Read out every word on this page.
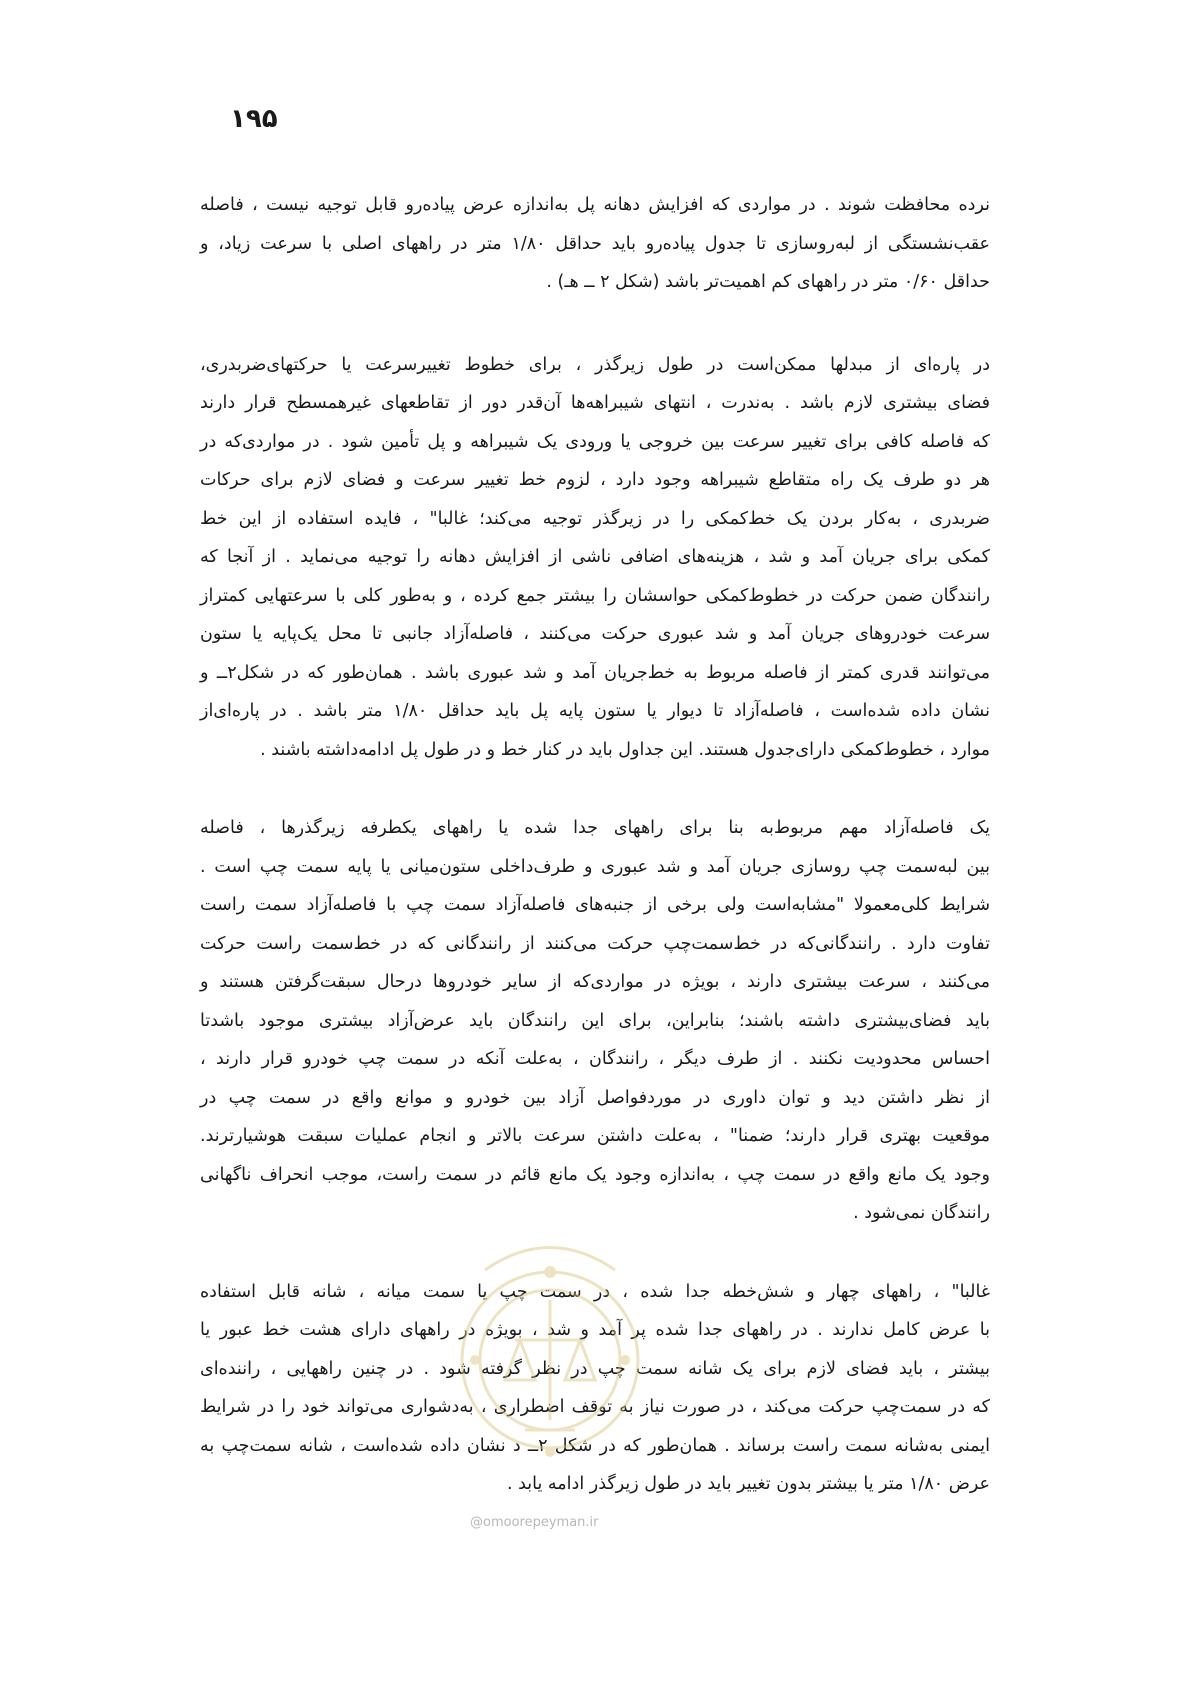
۱۹۵
نرده محافظت شوند . در مواردی که افزایش دهانه پل به‌اندازه عرض پیاده‌رو قابل توجیه نیست ، فاصله
عقب‌نشستگی از لبه‌روسازی تا جدول پیاده‌رو باید حداقل ۱/۸۰ متر در راههای اصلی با سرعت زیاد، و
حداقل ۰/۶۰ متر در راههای کم اهمیت‌تر باشد (شکل ۲ ــ هـ) .
در پاره‌ای از مبدلها ممکن‌است در طول زیرگذر ، برای خطوط‌ تغییرسرعت یا حرکتهای‌ضربدری،
فضای بیشتری لازم باشد . به‌ندرت ، انتهای شیبراهه‌ها آن‌قدر دور از تقاطعهای غیرهمسطح قرار دارند
که فاصله کافی برای تغییر سرعت بین خروجی یا ورودی یک شیبراهه و پل تأمین شود . در مواردی‌که در
هر دو طرف یک راه متقاطع شیبراهه وجود دارد ، لزوم خط تغییر سرعت و فضای لازم برای حرکات
ضربدری ، به‌کار بردن یک خط‌کمکی را در زیرگذر توجیه می‌کند؛ غالبا" ، فایده استفاده از این خط
کمکی برای جریان آمد و شد ، هزینه‌های اضافی ناشی از افزایش دهانه را توجیه می‌نماید . از آنجا که
رانندگان ضمن حرکت در خطوط‌کمکی حواسشان را بیشتر جمع کرده ، و به‌طور کلی با سرعتهایی کمتراز
سرعت خودروهای جریان آمد و شد عبوری حرکت می‌کنند ، فاصله‌آزاد جانبی تا محل یک‌پایه یا ستون
می‌توانند قدری کمتر از فاصله مربوط به خط‌جریان آمد و شد عبوری باشد . همان‌طور که در شکل۲ــ و
نشان داده شده‌است ، فاصله‌آزاد تا دیوار یا ستون پایه پل باید حداقل ۱/۸۰ متر باشد . در پاره‌ای‌از
موارد ، خطوط‌کمکی دارای‌جدول هستند. این جداول باید در کنار خط و در طول پل ادامه‌داشته باشند .
یک فاصله‌آزاد مهم مربوط‌به بنا برای راههای جدا شده یا راههای یکطرفه زیرگذرها ، فاصله
بین لبه‌سمت چپ روسازی جریان آمد و شد عبوری و طرف‌داخلی ستون‌میانی یا پایه سمت چپ است .
شرایط کلی‌معمولا "مشابه‌است ولی برخی از جنبه‌های فاصله‌آزاد سمت چپ با فاصله‌آزاد سمت راست
تفاوت دارد . رانندگانی‌که در خط‌سمت‌چپ حرکت می‌کنند از رانندگانی که در خط‌سمت راست حرکت
می‌کنند ، سرعت بیشتری دارند ، بویژه در مواردی‌که از سایر خودروها درحال سبقت‌گرفتن هستند و
باید فضای‌بیشتری داشته باشند؛ بنابراین، برای این رانندگان باید عرض‌آزاد بیشتری موجود باشدتا
احساس محدودیت نکنند . از طرف دیگر ، رانندگان ، به‌علت آنکه در سمت چپ خودرو قرار دارند ،
از نظر داشتن دید و توان داوری در موردفواصل آزاد بین خودرو و موانع واقع در سمت چپ در
موقعیت بهتری قرار دارند؛ ضمنا" ، به‌علت داشتن سرعت بالاتر و انجام عملیات سبقت هوشیارترند.
وجود یک مانع واقع در سمت چپ ، به‌اندازه وجود یک مانع قائم در سمت راست، موجب انحراف ناگهانی
رانندگان نمی‌شود .
غالبا" ، راههای چهار و شش‌خطه جدا شده ، در سمت چپ یا سمت میانه ، شانه قابل استفاده
با عرض کامل ندارند . در راههای جدا شده پر آمد و شد ، بویژه در راههای دارای هشت خط عبور یا
بیشتر ، باید فضای لازم برای یک شانه سمت چپ در نظر گرفته شود . در چنین راههایی ، راننده‌ای
که در سمت‌چپ حرکت می‌کند ، در صورت نیاز به توقف اضطراری ، به‌دشواری می‌تواند خود را در شرایط
ایمنی به‌شانه سمت راست برساند . همان‌طور که در شکل ۲ــ د نشان داده شده‌است ، شانه سمت‌چپ به
عرض ۱/۸۰ متر یا بیشتر بدون تغییر باید در طول زیرگذر ادامه یابد .
@omoorepeyman.ir
